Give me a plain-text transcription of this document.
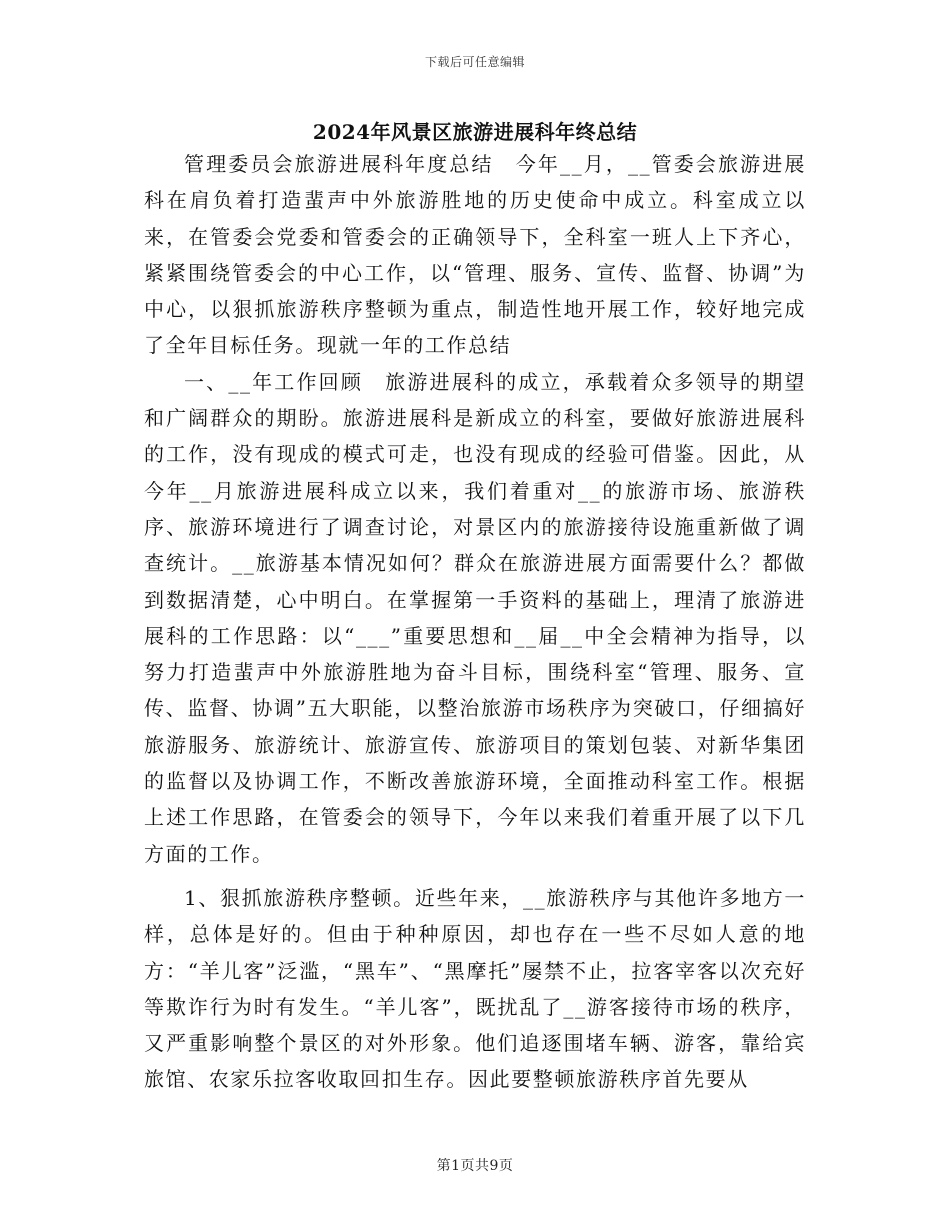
下载后可任意编辑
2024年风景区旅游进展科年终总结

管理委员会旅游进展科年度总结　今年__月，__管委会旅游进展科在肩负着打造蜚声中外旅游胜地的历史使命中成立。科室成立以来，在管委会党委和管委会的正确领导下，全科室一班人上下齐心，紧紧围绕管委会的中心工作，以“管理、服务、宣传、监督、协调”为中心，以狠抓旅游秩序整顿为重点，制造性地开展工作，较好地完成了全年目标任务。现就一年的工作总结

一、__年工作回顾　旅游进展科的成立，承载着众多领导的期望和广阔群众的期盼。旅游进展科是新成立的科室，要做好旅游进展科的工作，没有现成的模式可走，也没有现成的经验可借鉴。因此，从今年__月旅游进展科成立以来，我们着重对__的旅游市场、旅游秩序、旅游环境进行了调查讨论，对景区内的旅游接待设施重新做了调查统计。__旅游基本情况如何？群众在旅游进展方面需要什么？都做到数据清楚，心中明白。在掌握第一手资料的基础上，理清了旅游进展科的工作思路：以“___”重要思想和__届__中全会精神为指导，以努力打造蜚声中外旅游胜地为奋斗目标，围绕科室“管理、服务、宣传、监督、协调”五大职能，以整治旅游市场秩序为突破口，仔细搞好旅游服务、旅游统计、旅游宣传、旅游项目的策划包装、对新华集团的监督以及协调工作，不断改善旅游环境，全面推动科室工作。根据上述工作思路，在管委会的领导下，今年以来我们着重开展了以下几方面的工作。

1、狠抓旅游秩序整顿。近些年来，__旅游秩序与其他许多地方一样，总体是好的。但由于种种原因，却也存在一些不尽如人意的地方：“羊儿客”泛滥，“黑车”、“黑摩托”屡禁不止，拉客宰客以次充好等欺诈行为时有发生。“羊儿客”，既扰乱了__游客接待市场的秩序，又严重影响整个景区的对外形象。他们追逐围堵车辆、游客，靠给宾旅馆、农家乐拉客收取回扣生存。因此要整顿旅游秩序首先要从

第1页共9页
